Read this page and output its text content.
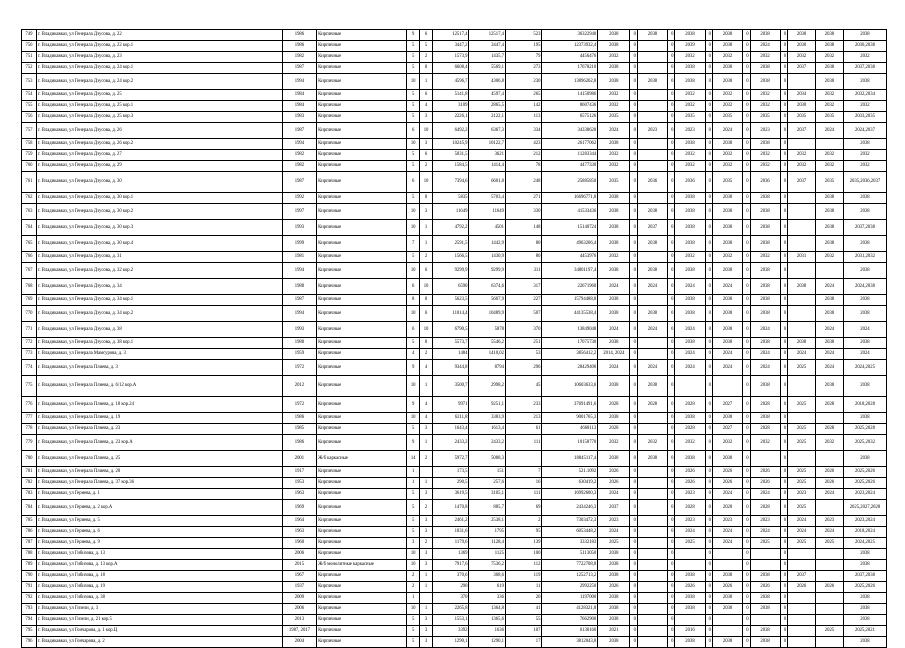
749	г. Владикавказ, ул Генерала Дзусова, д. 22	1986	Кирпичные	9	6	12517,4	12517,4	523	36322940	2038	0	2038	0	2038	0	2038	0	2038	0	2038	2038	2038
750	г. Владикавказ, ул Генерала Дзусова, д. 22 кор.1	1986	Кирпичные	5	5	3447,2	3447,4	195	12373932,4	2038	0		0	2039	0	2038	0	2024	0	2030	2038	2030,2038
751	г. Владикавказ, ул Генерала Дзусова, д. 23	1982	Кирпичные	5	2	1573,9	1435,7	79	4456476	2032	0		0	2032	0	2032	0	2032	0	2032	2032	2032
752	г. Владикавказ, ул Генерала Дзусова, д. 24 кор.1	1987	Кирпичные	5	8	6608,4	5569,1	273	17678210	2038	0		0	2038	0	2038	0	2038	0	2037	2038	2037,2038
753	г. Владикавказ, ул Генерала Дзусова, д. 24 кор.2	1994	Кирпичные	10	1	4596,7	4306,8	230	13896262,8	2038	0	2038	0	2038	0	2038	0	2038	0		2038	2038
754	г. Владикавказ, ул Генерала Дзусова, д. 25	1984	Кирпичные	5	6	5141,8	4597,4	265	14150986	2032	0		0	2032	0	2032	0	2032	0	2034	2032	2032,2034
755	г. Владикавказ, ул Генерала Дзусова, д. 25 кор.1	1984	Кирпичные	5	4	3109	2865,5	142	8607436	2032	0		0	2032	0	2032	0	2032	0	2030	2032	2032
756	г. Владикавказ, ул Генерала Дзусова, д. 25 кор.3	1983	Кирпичные	5	3	2226,1	2122,1	113	6575126	2035	0		0	2035	0	2035	0	2035	0	2035	2035	2033,2035
757	г. Владикавказ, ул Генерала Дзусова, д. 26	1987	Кирпичные	6	10	6492,2	6367,3	334	34338620	2024	0	2023	0	2023	0	2024	0	2023	0	2037	2024	2024,2037
758	г. Владикавказ, ул Генерала Дзусова, д. 26 кор.2	1994	Кирпичные	10	3	10245,9	10122,7	423	26177062	2038	0		0	2038	0	2038	0	2038	0			2038
759	г. Владикавказ, ул Генерала Дзусова, д. 27	1982	Кирпичные	5	6	5031,5	3621	212	11283344	2032	0		0	2032	0	2032	0	2032	0	2032	2032	2032
760	г. Владикавказ, ул Генерала Дзусова, д. 29	1982	Кирпичные	5	2	1584,5	1414,4	78	4477330	2032	0		0	2032	0	2032	0	2032	0	2032	2032	2032
761	г. Владикавказ, ул Генерала Дзусова, д. 30	1987	Кирпичные	6	10	7394,6	6601,8	248	25885850	2035	0	2036	0	2036	0	2035	0	2036	0	2037	2035	2035,2036,2037
762	г. Владикавказ, ул Генерала Дзусова, д. 30 кор.1	1992	Кирпичные	5	8	5835	5703,4	271	16696771,8	2038	0		0	2038	0	2038	0	2038	0		2038	2038
763	г. Владикавказ, ул Генерала Дзусова, д. 30 кор.2	1997	Кирпичные	10	3	11649	11649	330	41533436	2038	0	2038	0	2038	0	2038	0	2038	0		2038	2038
764	г. Владикавказ, ул Генерала Дзусова, д. 30 кор.3	1993	Кирпичные	10	1	4792,2	4501	148	15140724	2038	0	2037	0	2038	0	2038	0	2038	0		2038	2037,2038
765	г. Владикавказ, ул Генерала Дзусова, д. 30 кор.4	1999	Кирпичные	7	1	2591,5	1442,9	80	4963206,4	2038	0	2038	0	2038	0	2038	0	2038	0		2038	2038
766	г. Владикавказ, ул Генерала Дзусова, д. 31	1981	Кирпичные	5	2	1566,5	1430,9	80	4453976	2032	0		0	2032	0	2032	0	2032	0	2031	2032	2031,2032
767	г. Владикавказ, ул Генерала Дзусова, д. 32 кор.2	1994	Кирпичные	10	6	9299,9	9299,9	311	34801197,4	2038	0	2038	0	2038	0	2038	0	2038	0			2038
768	г. Владикавказ, ул Генерала Дзусова, д. 34	1988	Кирпичные	6	10	6590	6374,6	317	22671960	2024	0	2024	0	2024	0	2024	0	2038	0	2038	2024	2024,2038
769	г. Владикавказ, ул Генерала Дзусова, д. 34 кор.1	1987	Кирпичные	8	8	5623,5	5607,9	227	15794488,8	2038	0		0	2038	0	2038	0	2038	0		2038	2038
770	г. Владикавказ, ул Генерала Дзусова, д. 34 кор.2	1994	Кирпичные	10	6	11014,4	10489,9	507	44135538,4	2038	0	2038	0	2038	0	2038	0	2038	0		2038	2038
771	г. Владикавказ, ул Генерала Дзусова, д. 38	1993	Кирпичные	6	10	6790,5	5878	370	13849048	2024	0	2024	0	2024	0	2038	0	2024	0		2024	2024
772	г. Владикавказ, ул Генерала Дзусова, д. 38 кор.1	1988	Кирпичные	5	8	5573,7	5546,2	251	17075730	2038	0		0	2038	0	2038	0	2038	0	2038	2038	2038
773	г. Владикавказ, ул Генерала Мамсурова, д. 3	1959	Кирпичные	4	2	1484	1410,02	53	3856412,2	2014, 2024	0		0	2024	0	2024	0	2024	0	2024	2024	2024
774	г. Владикавказ, ул Генерала Плиева, д. 3	1972	Кирпичные	9	4	9344,8	8794	296	28429400	2024	0	2024	0	2024	0	2024	0	2024	0	2025	2024	2024,2025
775	г. Владикавказ, ул Генерала Плиева, д. 6/12 кор.А	2012	Кирпичные	10	1	3500,7	2998,2	45	10603633,6	2038	0	2038	0		0		0	2038	0		2038	2038
776	г. Владикавказ, ул Генерала Плиева, д. 18 кор.24	1972	Кирпичные	9	4	9971	9251,1	233	37691491,6	2028	0	2028	0	2028	0	2027	0	2028	0	2025	2028	2018,2028
777	г. Владикавказ, ул Генерала Плиева, д. 19	1986	Кирпичные	10	4	6211,8	3383,9	213	9001765,3	2038	0		0	2038	0	2038	0	2038	0			2038
778	г. Владикавказ, ул Генерала Плиева, д. 23	1985	Кирпичные	5	3	1643,4	1613,4	61	4668113	2028	0		0	2028	0	2027	0	2028	0	2025	2028	2025,2028
779	г. Владикавказ, ул Генерала Плиева, д. 23 кор.А	1986	Кирпичные	9	1	2433,2	2433,2	111	10158770	2032	0	2032	0	2032	0	2032	0	2032	0	2025	2032	2025,2032
780	г. Владикавказ, ул Генерала Плиева, д. 25	2001	Ж/б каркасные	14	2	5972,7	5088,3		18845117,4	2038	0	2038	0	2038	0	2038	0		0			2038
781	г. Владикавказ, ул Генерала Плиева, д. 28	1917	Кирпичные	1		173,5	151	7	521.1092	2026	0		0	2026	0	2026	0	2026	0	2025	2026	2025,2026
782	г. Владикавказ, ул Генерала Плиева, д. 37 кор.36	1953	Кирпичные	1	1	290,5	257,6	16	630419,2	2026	0		0	2026	0	2026	0	2026	0	2025	2026	2025,2026
783	г. Владикавказ, ул Гериева, д. 1	1963	Кирпичные	5	3	3619,5	3105,1	111	16992600,3	2024	0		0	2023	0	2024	0	2024	0	2023	2024	2023,2024
784	г. Владикавказ, ул Гериева, д. 2 кор.А	1969	Кирпичные	5	2	1470,8	885,7	69	2434246,3	2037	0		0	2028	0	2028	0	2028	0	2025		2025,2027,2028
785	г. Владикавказ, ул Гериева, д. 5	1964	Кирпичные	5	3	2461,2	2538,1	2	7303472,3	2023	0		0	2023	0	2023	0	2023	0	2024	2023	2023,2024
786	г. Владикавказ, ул Гериева, д. 6	1963	Кирпичные	5	3	1831,6	1795	95	6053448,2	2024	0		0	2024	0	2024	0	2024	0	2024	2024	2018,2024
787	г. Владикавказ, ул Гериева, д. 9	1960	Кирпичные	3	2	1179,6	1128,4	139	3332183	2025	0		0	2025	0	2024	0	2025	0	2025	2025	2024,2025
788	г. Владикавказ, ул Гибизова, д. 13	2006	Кирпичные	10	3	1369	1125	100	5113050	2038	0		0		0		0		0			2038
789	г. Владикавказ, ул Гибизова, д. 13 кор.А	2015	Ж/б монолитные каркасные	10	3	7917,6	7536,2	112	7722708,8	2038	0		0		0		0		0			2038
790	г. Владикавказ, ул Гибизова, д. 18	1967	Кирпичные	2	1	370,6	308,6	119	1252713,2	2038	0		0	2038	0	2038	0	2038	0	2037		2037,2038
791	г. Владикавказ, ул Гибизова, д. 19	1937	Кирпичные	2	1	290	619	11	2992250	2026	0		0	2026	0	2026	0	2026	0	2026	2026	2025,2026
792	г. Владикавказ, ул Гибизова, д. 38	2009	Кирпичные	1		370	336	20	1197000	2038	0		0	2038	0	2038	0	2038	0			2038
793	г. Владикавказ, ул Гизели, д. 3	2006	Кирпичные	10	1	2265,8	1364,8	41	4128321,8	2038	0		0	2038	0	2038	0	2038	0			2038
794	г. Владикавказ, ул Гизели, д. 21 кор.5	2013	Кирпичные	5	3	1553,1	1365,6	55	7662900	2038	0		0		0		0		0			2038
795	г. Владикавказ, ул Гончарова, д. 1 кор.Ц	1987, 2017	Кирпичные	5	3	3392	1636	107	6138160	2021	0		0	2016	0		0	2038	0		2025	2025,2021
796	г. Владикавказ, ул Гончарова, д. 2	2004	Кирпичные	5	3	1290,1	1290,1	17	3812043,8	2038	0		0	2038	0	2038	0	2038	0			2038
